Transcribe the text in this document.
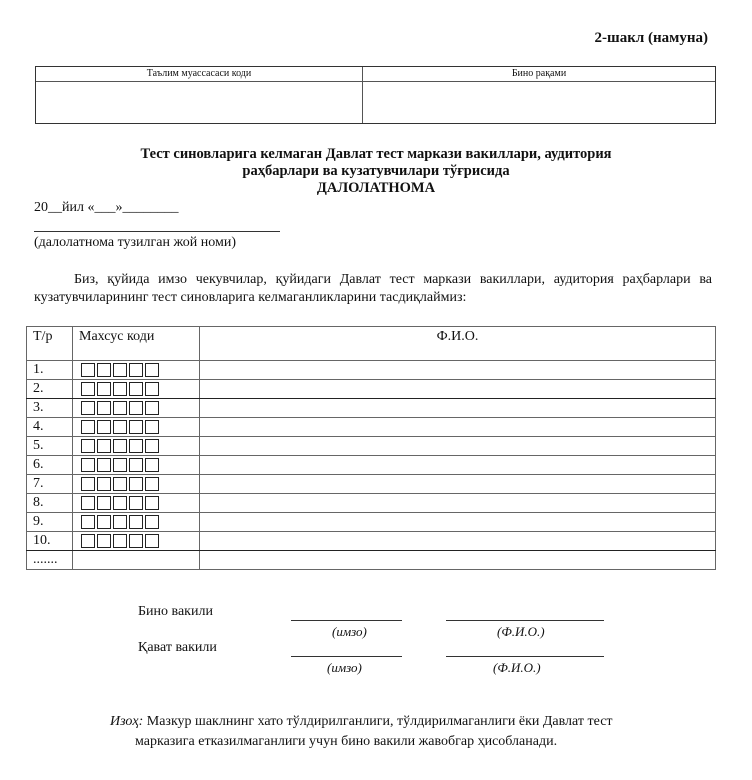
2-шакл (намуна)
Таълим муассасаси коди	Бино рақами
Тест синовларига келмаган Давлат тест маркази вакиллари, аудитория
раҳбарлари ва кузатувчилари тўғрисида
ДАЛОЛАТНОМА
20__йил «___»________
(далолатнома тузилган жой номи)
Биз, қуйида имзо чекувчилар, қуйидаги Давлат тест маркази вакиллари, аудитория раҳбарлари ва кузатувчиларининг тест синовларига келмаганликларини тасдиқлаймиз:
Т/р	Махсус коди	Ф.И.О.
1.	

2.	

3.	

4.	

5.	

6.	

7.	

8.	

9.	

10.	

.......		
Бино вакили
(имзо)	(Ф.И.О.)
Қават вакили
(имзо)	(Ф.И.О.)
Изоҳ: Мазкур шаклнинг хато тўлдирилганлиги, тўлдирилмаганлиги ёки Давлат тест
марказига етказилмаганлиги учун бино вакили жавобгар ҳисобланади.
